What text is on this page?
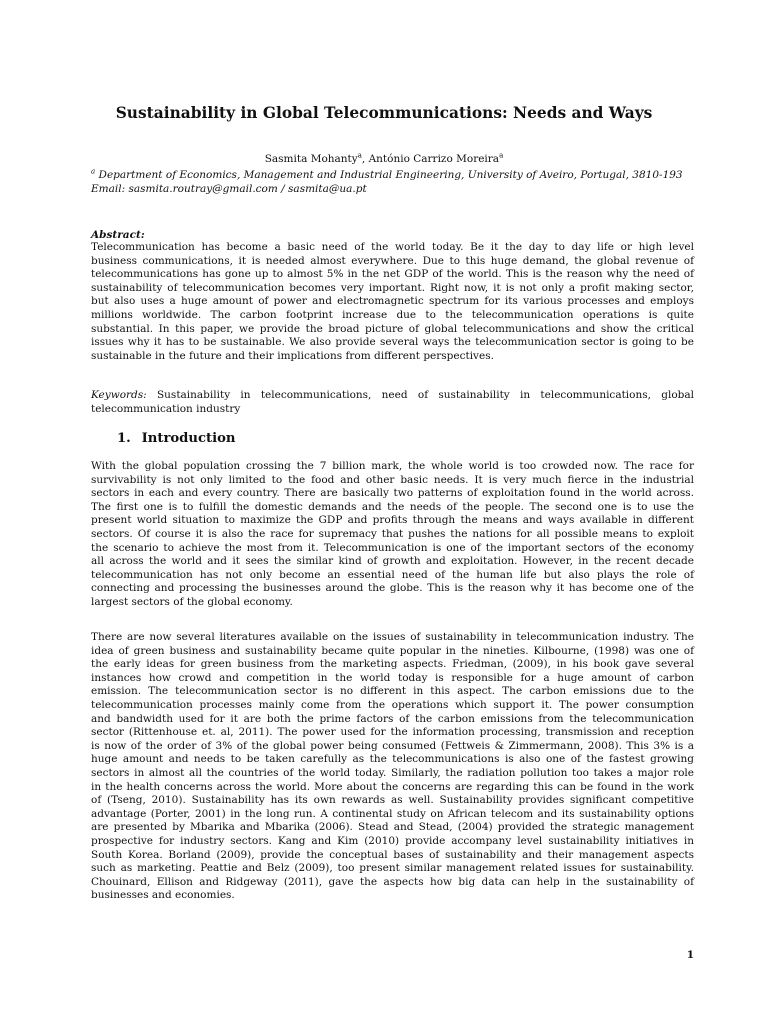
Sustainability in Global Telecommunications: Needs and Ways
Sasmita Mohanty$^a$, António Carrizo Moreira$^a$
$^a$ Department of Economics, Management and Industrial Engineering, University of Aveiro, Portugal, 3810-193
Email: sasmita.routray@gmail.com / sasmita@ua.pt
Abstract:
Telecommunication has become a basic need of the world today. Be it the day to day life or high level
business communications, it is needed almost everywhere. Due to this huge demand, the global revenue of
telecommunications has gone up to almost 5% in the net GDP of the world. This is the reason why the need of
sustainability of telecommunication becomes very important. Right now, it is not only a profit making sector,
but also uses a huge amount of power and electromagnetic spectrum for its various processes and employs
millions worldwide. The carbon footprint increase due to the telecommunication operations is quite
substantial. In this paper, we provide the broad picture of global telecommunications and show the critical
issues why it has to be sustainable. We also provide several ways the telecommunication sector is going to be
sustainable in the future and their implications from different perspectives.
Keywords: Sustainability in telecommunications, need of sustainability in telecommunications, global
telecommunication industry
1. Introduction
With the global population crossing the 7 billion mark, the whole world is too crowded now. The race for
survivability is not only limited to the food and other basic needs. It is very much fierce in the industrial
sectors in each and every country. There are basically two patterns of exploitation found in the world across.
The first one is to fulfill the domestic demands and the needs of the people. The second one is to use the
present world situation to maximize the GDP and profits through the means and ways available in different
sectors. Of course it is also the race for supremacy that pushes the nations for all possible means to exploit
the scenario to achieve the most from it. Telecommunication is one of the important sectors of the economy
all across the world and it sees the similar kind of growth and exploitation. However, in the recent decade
telecommunication has not only become an essential need of the human life but also plays the role of
connecting and processing the businesses around the globe. This is the reason why it has become one of the
largest sectors of the global economy.
There are now several literatures available on the issues of sustainability in telecommunication industry. The
idea of green business and sustainability became quite popular in the nineties. Kilbourne, (1998) was one of
the early ideas for green business from the marketing aspects. Friedman, (2009), in his book gave several
instances how crowd and competition in the world today is responsible for a huge amount of carbon
emission. The telecommunication sector is no different in this aspect. The carbon emissions due to the
telecommunication processes mainly come from the operations which support it. The power consumption
and bandwidth used for it are both the prime factors of the carbon emissions from the telecommunication
sector (Rittenhouse et. al, 2011). The power used for the information processing, transmission and reception
is now of the order of 3% of the global power being consumed (Fettweis & Zimmermann, 2008). This 3% is a
huge amount and needs to be taken carefully as the telecommunications is also one of the fastest growing
sectors in almost all the countries of the world today. Similarly, the radiation pollution too takes a major role
in the health concerns across the world. More about the concerns are regarding this can be found in the work
of (Tseng, 2010). Sustainability has its own rewards as well. Sustainability provides significant competitive
advantage (Porter, 2001) in the long run. A continental study on African telecom and its sustainability options
are presented by Mbarika and Mbarika (2006). Stead and Stead, (2004) provided the strategic management
prospective for industry sectors. Kang and Kim (2010) provide accompany level sustainability initiatives in
South Korea. Borland (2009), provide the conceptual bases of sustainability and their management aspects
such as marketing. Peattie and Belz (2009), too present similar management related issues for sustainability.
Chouinard, Ellison and Ridgeway (2011), gave the aspects how big data can help in the sustainability of
businesses and economies.
1
